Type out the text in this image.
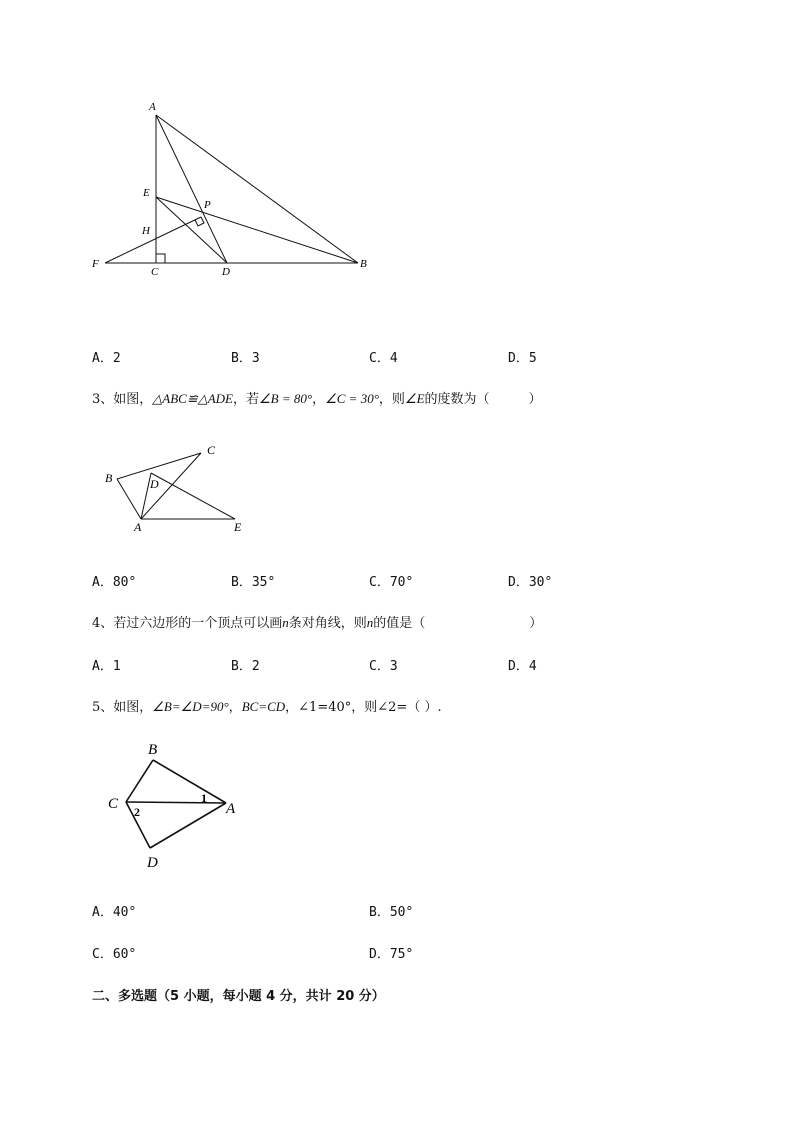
A
E
P
H
F
C	D
B
A．2	B．3	C．4	D．5
3、如图，△ABC≌△ADE，若∠B = 80°，∠C = 30°，则∠E的度数为（　　　）
B
C
D
A	E
A．80°	B．35°	C．70°	D．30°
4、若过六边形的一个顶点可以画n条对角线，则n的值是（　　　　　　　　）
A．1	B．2	C．3	D．4
5、如图，∠B=∠D=90°，BC=CD，∠1=40°，则∠2=（ ）.
B
C	A
D
1
2
A．40°	B．50°
C．60°	D．75°
二、多选题（5 小题，每小题 4 分，共计 20 分）
